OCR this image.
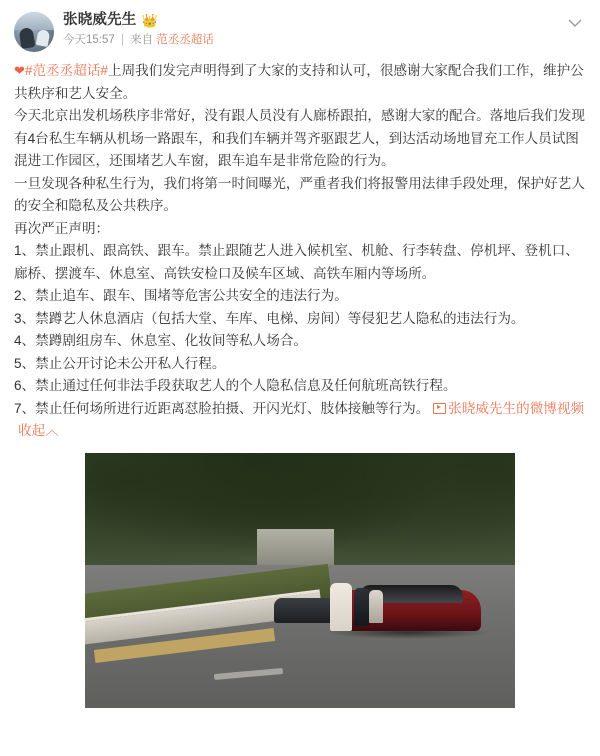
张晓威先生 👑
今天15:57 | 来自 范丞丞超话

❤#范丞丞超话#上周我们发完声明得到了大家的支持和认可，很感谢大家配合我们工作，维护公共秩序和艺人安全。

今天北京出发机场秩序非常好，没有跟人员没有人廊桥跟拍，感谢大家的配合。落地后我们发现有4台私生车辆从机场一路跟车，和我们车辆并驾齐驱跟艺人，到达活动场地冒充工作人员试图混进工作园区，还围堵艺人车窗，跟车追车是非常危险的行为。

一旦发现各种私生行为，我们将第一时间曝光，严重者我们将报警用法律手段处理，保护好艺人的安全和隐私及公共秩序。

再次严正声明：

1、禁止跟机、跟高铁、跟车。禁止跟随艺人进入候机室、机舱、行李转盘、停机坪、登机口、廊桥、摆渡车、休息室、高铁安检口及候车区域、高铁车厢内等场所。

2、禁止追车、跟车、围堵等危害公共安全的违法行为。

3、禁蹲艺人休息酒店（包括大堂、车库、电梯、房间）等侵犯艺人隐私的违法行为。

4、禁蹲剧组房车、休息室、化妆间等私人场合。

5、禁止公开讨论未公开私人行程。

6、禁止通过任何非法手段获取艺人的个人隐私信息及任何航班高铁行程。

7、禁止任何场所进行近距离怼脸拍摄、开闪光灯、肢体接触等行为。 张晓威先生的微博视频收起︿
